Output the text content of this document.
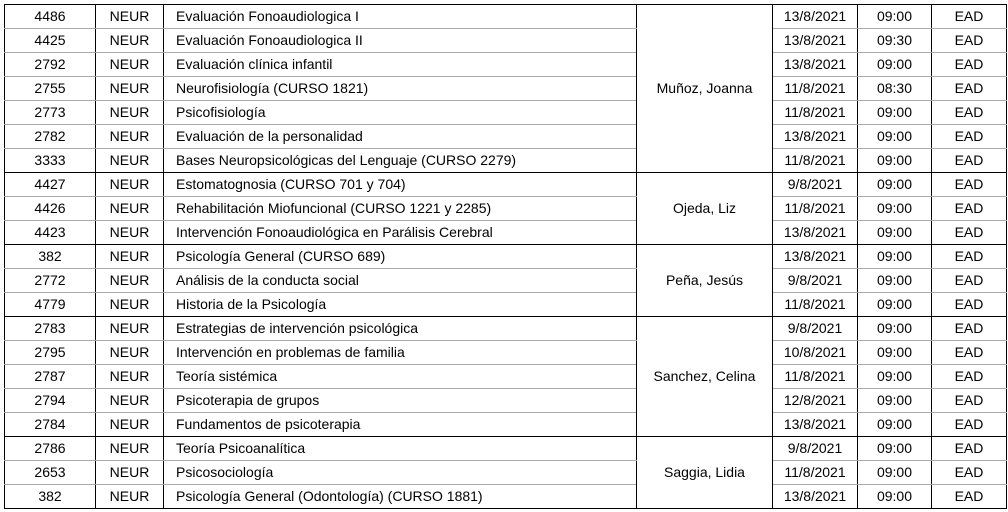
4486	NEUR	Evaluación Fonoaudiologica I	Muñoz, Joanna	13/8/2021	09:00	EAD
4425	NEUR	Evaluación Fonoaudiologica II		13/8/2021	09:30	EAD
2792	NEUR	Evaluación clínica infantil		13/8/2021	09:00	EAD
2755	NEUR	Neurofisiología (CURSO 1821)		11/8/2021	08:30	EAD
2773	NEUR	Psicofisiología		11/8/2021	09:00	EAD
2782	NEUR	Evaluación de la personalidad		13/8/2021	09:00	EAD
3333	NEUR	Bases Neuropsicológicas del Lenguaje (CURSO 2279)		11/8/2021	09:00	EAD
4427	NEUR	Estomatognosia (CURSO 701 y 704)	Ojeda, Liz	9/8/2021	09:00	EAD
4426	NEUR	Rehabilitación Miofuncional (CURSO 1221 y 2285)		11/8/2021	09:00	EAD
4423	NEUR	Intervención Fonoaudiológica en Parálisis Cerebral		13/8/2021	09:00	EAD
382	NEUR	Psicología General (CURSO 689)	Peña, Jesús	13/8/2021	09:00	EAD
2772	NEUR	Análisis de la conducta social		9/8/2021	09:00	EAD
4779	NEUR	Historia de la Psicología		11/8/2021	09:00	EAD
2783	NEUR	Estrategias de intervención psicológica	Sanchez, Celina	9/8/2021	09:00	EAD
2795	NEUR	Intervención en problemas de familia		10/8/2021	09:00	EAD
2787	NEUR	Teoría sistémica		11/8/2021	09:00	EAD
2794	NEUR	Psicoterapia de grupos		12/8/2021	09:00	EAD
2784	NEUR	Fundamentos de psicoterapia		13/8/2021	09:00	EAD
2786	NEUR	Teoría Psicoanalítica	Saggia, Lidia	9/8/2021	09:00	EAD
2653	NEUR	Psicosociología		11/8/2021	09:00	EAD
382	NEUR	Psicología General (Odontología) (CURSO 1881)		13/8/2021	09:00	EAD
